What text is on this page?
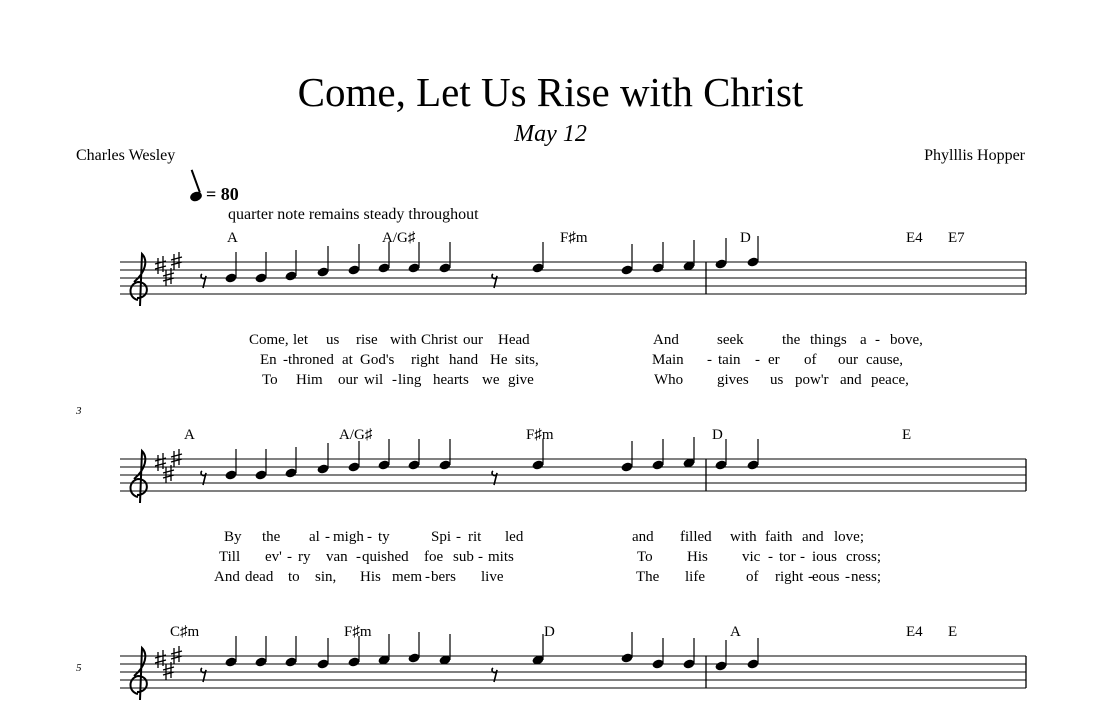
Come, Let Us Rise with Christ
May 12
Charles Wesley	Phylllis Hopper
= 80
quarter note remains steady throughout
3
5
A	A/G♯	F♯m	D	E4 E7
A	A/G♯	F♯m	D	E
C♯m	F♯m	D	A	E4 E
Come, let us rise with Christ our Head	And	seek	the things a - bove,
En - throned at God's right hand He sits,	Main - tain - er of our cause,
To Him our wil - ling hearts we give	Who gives us pow'r and peace,
By the al - migh - ty	Spi - rit led	and filled with faith and love;
Till ev' - ry van - quished foe sub - mits	To His vic - tor - ious cross;
And dead to sin, His mem - bers live	The life	of right - eous - ness;
